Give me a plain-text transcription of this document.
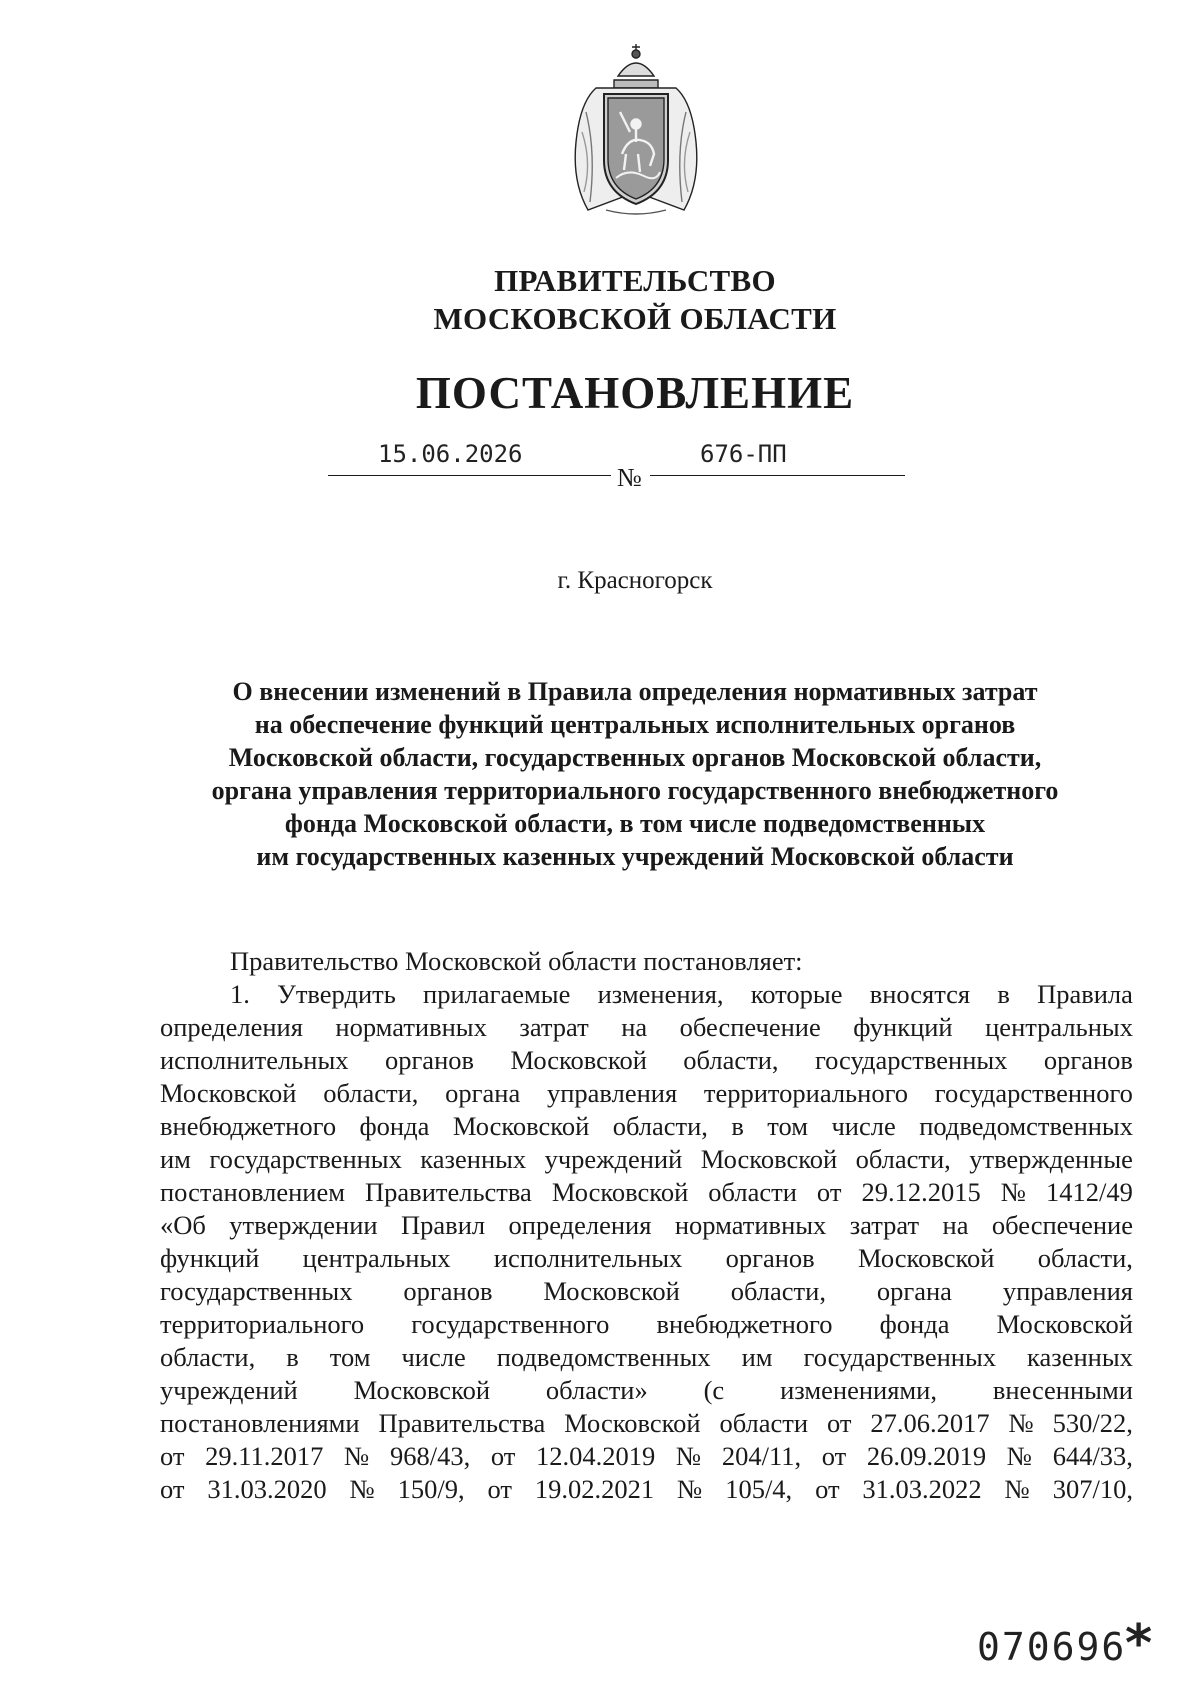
ПРАВИТЕЛЬСТВО
МОСКОВСКОЙ ОБЛАСТИ
ПОСТАНОВЛЕНИЕ
15.06.2026
№
676-ПП
г. Красногорск
О внесении изменений в Правила определения нормативных затрат
на обеспечение функций центральных исполнительных органов
Московской области, государственных органов Московской области,
органа управления территориального государственного внебюджетного
фонда Московской области, в том числе подведомственных
им государственных казенных учреждений Московской области
Правительство Московской области постановляет:
1. Утвердить прилагаемые изменения, которые вносятся в Правила
определения нормативных затрат на обеспечение функций центральных
исполнительных органов Московской области, государственных органов
Московской области, органа управления территориального государственного
внебюджетного фонда Московской области, в том числе подведомственных
им государственных казенных учреждений Московской области, утвержденные
постановлением Правительства Московской области от 29.12.2015 № 1412/49
«Об утверждении Правил определения нормативных затрат на обеспечение
функций центральных исполнительных органов Московской области,
государственных органов Московской области, органа управления
территориального государственного внебюджетного фонда Московской
области, в том числе подведомственных им государственных казенных
учреждений Московской области» (с изменениями, внесенными
постановлениями Правительства Московской области от 27.06.2017 № 530/22,
от 29.11.2017 № 968/43, от 12.04.2019 № 204/11, от 26.09.2019 № 644/33,
от 31.03.2020 № 150/9, от 19.02.2021 № 105/4, от 31.03.2022 № 307/10,
070696
*
